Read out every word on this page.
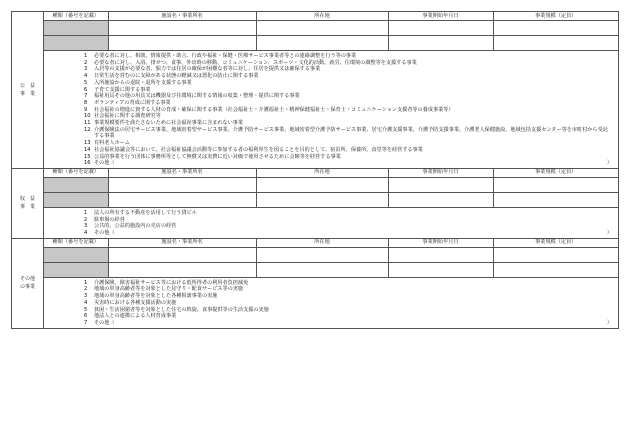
公　益
事　業
種類（番号を記載）	施設名・事業所名	所在地	事業開始年月日	事業規模（定員）

1 必要な者に対し、相談、情報提供・助言、行政や福祉・保健・医療サービス事業者等との連絡調整を行う等の事業
2 必要な者に対し、入浴、排せつ、食事、外出時の移動、コミュニケーション、スポーツ・文化的活動、就労、住環境の調整等を支援する事業
3 入居等の支援が必要な者、独力では住居の確保が困難な者等に対し、住居を提供又は確保する事業
4 日常生活を営むのに支障がある状態の軽減又は悪化の防止に関する事業
5 入所施設からの退院・退所を支援する事業
6 子育て支援に関する事業
7 福祉用具その他の用具又は機器及び住環境に関する情報の収集・整理・提供に関する事業
8 ボランティアの育成に関する事業
9 社会福祉の増進に資する人材の育成・確保に関する事業（社会福祉士・介護福祉士・精神保健福祉士・保育士・コミュニケーション支援者等の養成事業等）
10 社会福祉に関する調査研究等
11 事業規模要件を満たさないために社会福祉事業に含まれない事業
12 介護保険法の居宅サービス事業、地域密着型サービス事業、介護予防サービス事業、地域密着型介護予防サービス事業、居宅介護支援事業、介護予防支援事業、介護老人保健施設、地域包括支援センター等を市町村から受託する事業
13 有料老人ホーム
14 社会福祉協議会等において、社会福祉協議会活動等に参加する者の福利厚生を図ることを目的として、宿泊所、保養所、食堂等を経営する事業
15 公益的事業を行う団体に事務所等として無償又は実費に近い対価で使用させるために会館等を経営する事業
16 その他（	）
収　益
事　業
種類（番号を記載）	施設名・事業所名	所在地	事業開始年月日	事業規模（定員）

1 法人の所有する不動産を活用して行う貸ビル
2 駐車場の経営
3 公共的、公益的施設内の売店の経営
4 その他（	）
その他
の事業
種類（番号を記載）	施設名・事業所名	所在地	事業開始年月日	事業規模（定員）

1 介護保険、障害福祉サービス等における低所得者の利用者負担減免
2 地域の単身高齢者等を対象とした見守り・配食サービス等の実施
3 地域の単身高齢者等を対象とした各種相談事業の実施
4 災害時における各種支援活動の実施
5 貧困・生活困窮者等を対象とした住宅の斡旋、食事提供等の生活支援の実施
6 他法人との連携による人材育成事業
7 その他（	）
